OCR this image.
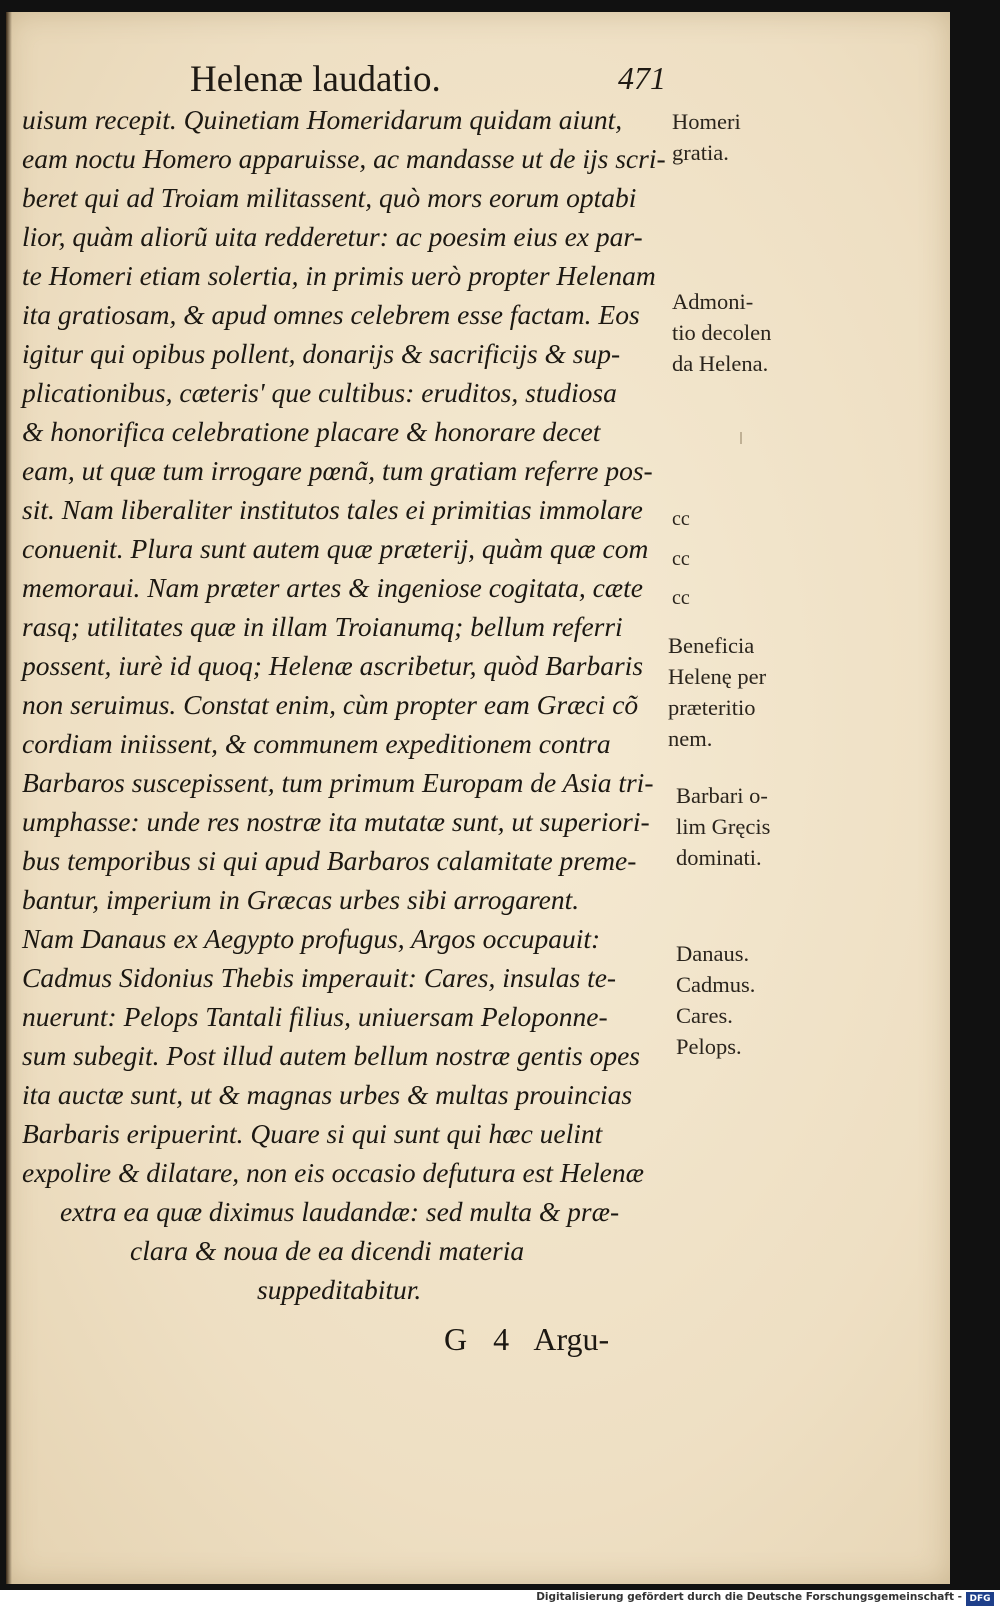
Helenæ laudatio.	471
uisum recepit. Quinetiam Homeridarum quidam aiunt,
eam noctu Homero apparuisse, ac mandasse ut de ijs scri-
beret qui ad Troiam militassent, quò mors eorum optabi
lior, quàm aliorũ uita redderetur: ac poesim eius ex par-
te Homeri etiam solertia, in primis uerò propter Helenam
ita gratiosam, & apud omnes celebrem esse factam. Eos
igitur qui opibus pollent, donarijs & sacrificijs & sup-
plicationibus, cæteris' que cultibus: eruditos, studiosa
& honorifica celebratione placare & honorare decet
eam, ut quæ tum irrogare pœnã, tum gratiam referre pos-
sit. Nam liberaliter institutos tales ei primitias immolare
conuenit. Plura sunt autem quæ præterij, quàm quæ com
memoraui. Nam præter artes & ingeniose cogitata, cæte
rasq; utilitates quæ in illam Troianumq; bellum referri
possent, iurè id quoq; Helenæ ascribetur, quòd Barbaris
non seruimus. Constat enim, cùm propter eam Græci cõ
cordiam iniissent, & communem expeditionem contra
Barbaros suscepissent, tum primum Europam de Asia tri-
umphasse: unde res nostræ ita mutatæ sunt, ut superiori-
bus temporibus si qui apud Barbaros calamitate preme-
bantur, imperium in Græcas urbes sibi arrogarent.
Nam Danaus ex Aegypto profugus, Argos occupauit:
Cadmus Sidonius Thebis imperauit: Cares, insulas te-
nuerunt: Pelops Tantali filius, uniuersam Peloponne-
sum subegit. Post illud autem bellum nostræ gentis opes
ita auctæ sunt, ut & magnas urbes & multas prouincias
Barbaris eripuerint. Quare si qui sunt qui hæc uelint
expolire & dilatare, non eis occasio defutura est Helenæ
extra ea quæ diximus laudandæ: sed multa & præ-
clara & noua de ea dicendi materia
suppeditabitur.
G 4 Argu-
Homeri
gratia.
Admoni-
tio decolen
da Helena.
Beneficia
Helenę per
prætеritio
nem.
Barbari o-
lim Gręcis
dominati.
Danaus.
Cadmus.
Cares.
Pelops.
cc
cc
cc
Digitalisierung gefördert durch die Deutsche Forschungsgemeinschaft - DFG
